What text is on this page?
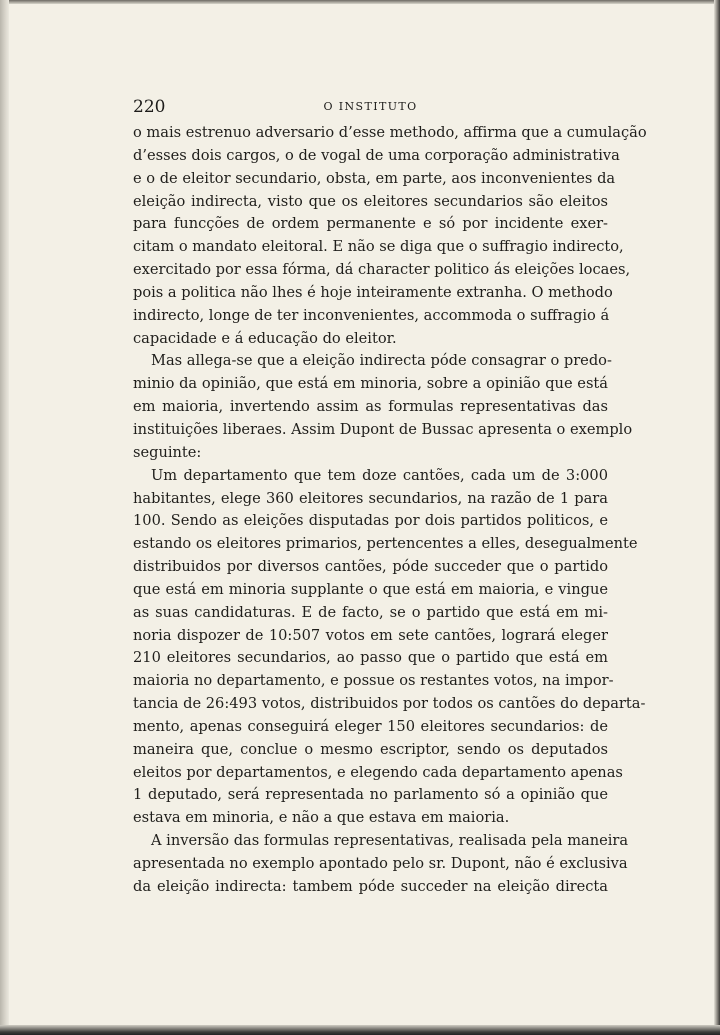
220	O INSTITUTO
o mais estrenuo adversario d’esse methodo, affirma que a cumulação
d’esses dois cargos, o de vogal de uma corporação administrativa
e o de eleitor secundario, obsta, em parte, aos inconvenientes da
eleição indirecta, visto que os eleitores secundarios são eleitos
para funcções de ordem permanente e só por incidente exer-
citam o mandato eleitoral. E não se diga que o suffragio indirecto,
exercitado por essa fórma, dá character politico ás eleições locaes,
pois a politica não lhes é hoje inteiramente extranha. O methodo
indirecto, longe de ter inconvenientes, accommoda o suffragio á
capacidade e á educação do eleitor.
Mas allega-se que a eleição indirecta póde consagrar o predo-
minio da opinião, que está em minoria, sobre a opinião que está
em maioria, invertendo assim as formulas representativas das
instituições liberaes. Assim Dupont de Bussac apresenta o exemplo
seguinte:
Um departamento que tem doze cantões, cada um de 3:000
habitantes, elege 360 eleitores secundarios, na razão de 1 para
100. Sendo as eleições disputadas por dois partidos politicos, e
estando os eleitores primarios, pertencentes a elles, desegualmente
distribuidos por diversos cantões, póde succeder que o partido
que está em minoria supplante o que está em maioria, e vingue
as suas candidaturas. E de facto, se o partido que está em mi-
noria dispozer de 10:507 votos em sete cantões, logrará eleger
210 eleitores secundarios, ao passo que o partido que está em
maioria no departamento, e possue os restantes votos, na impor-
tancia de 26:493 votos, distribuidos por todos os cantões do departa-
mento, apenas conseguirá eleger 150 eleitores secundarios: de
maneira que, conclue o mesmo escriptor, sendo os deputados
eleitos por departamentos, e elegendo cada departamento apenas
1 deputado, será representada no parlamento só a opinião que
estava em minoria, e não a que estava em maioria.
A inversão das formulas representativas, realisada pela maneira
apresentada no exemplo apontado pelo sr. Dupont, não é exclusiva
da eleição indirecta: tambem póde succeder na eleição directa
